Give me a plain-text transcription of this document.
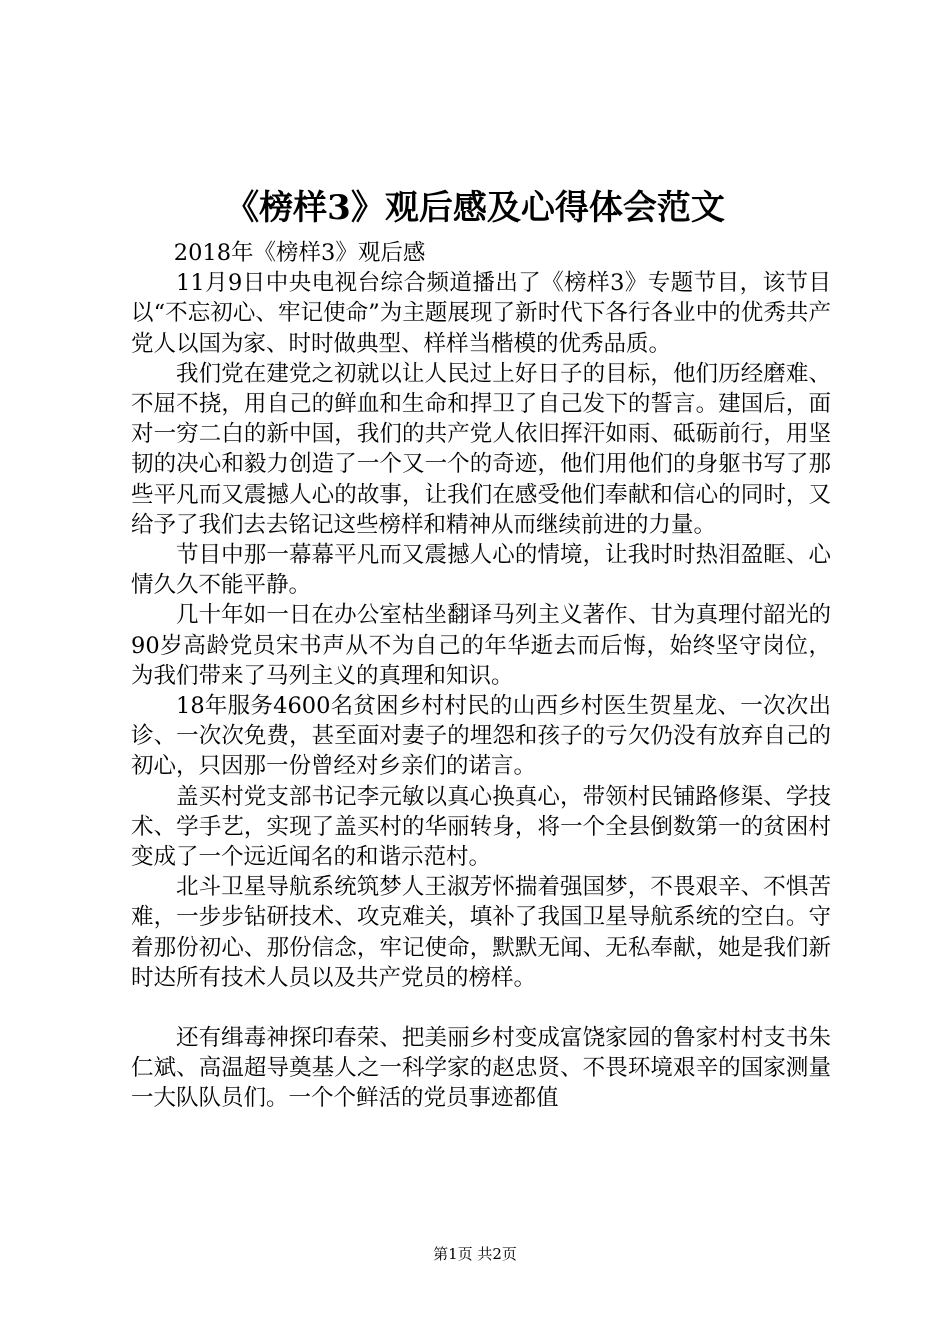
《榜样3》观后感及心得体会范文

2018年《榜样3》观后感

11月9日中央电视台综合频道播出了《榜样3》专题节目，该节目以“不忘初心、牢记使命”为主题展现了新时代下各行各业中的优秀共产党人以国为家、时时做典型、样样当楷模的优秀品质。

我们党在建党之初就以让人民过上好日子的目标，他们历经磨难、不屈不挠，用自己的鲜血和生命和捍卫了自己发下的誓言。建国后，面对一穷二白的新中国，我们的共产党人依旧挥汗如雨、砥砺前行，用坚韧的决心和毅力创造了一个又一个的奇迹，他们用他们的身躯书写了那些平凡而又震撼人心的故事，让我们在感受他们奉献和信心的同时，又给予了我们去去铭记这些榜样和精神从而继续前进的力量。

节目中那一幕幕平凡而又震撼人心的情境，让我时时热泪盈眶、心情久久不能平静。

几十年如一日在办公室枯坐翻译马列主义著作、甘为真理付韶光的90岁高龄党员宋书声从不为自己的年华逝去而后悔，始终坚守岗位，为我们带来了马列主义的真理和知识。

18年服务4600名贫困乡村村民的山西乡村医生贺星龙、一次次出诊、一次次免费，甚至面对妻子的埋怨和孩子的亏欠仍没有放弃自己的初心，只因那一份曾经对乡亲们的诺言。

盖买村党支部书记李元敏以真心换真心，带领村民铺路修渠、学技术、学手艺，实现了盖买村的华丽转身，将一个全县倒数第一的贫困村变成了一个远近闻名的和谐示范村。

北斗卫星导航系统筑梦人王淑芳怀揣着强国梦，不畏艰辛、不惧苦难，一步步钻研技术、攻克难关，填补了我国卫星导航系统的空白。守着那份初心、那份信念，牢记使命，默默无闻、无私奉献，她是我们新时达所有技术人员以及共产党员的榜样。

还有缉毒神探印春荣、把美丽乡村变成富饶家园的鲁家村村支书朱仁斌、高温超导奠基人之一科学家的赵忠贤、不畏环境艰辛的国家测量一大队队员们。一个个鲜活的党员事迹都值

第1页 共2页
